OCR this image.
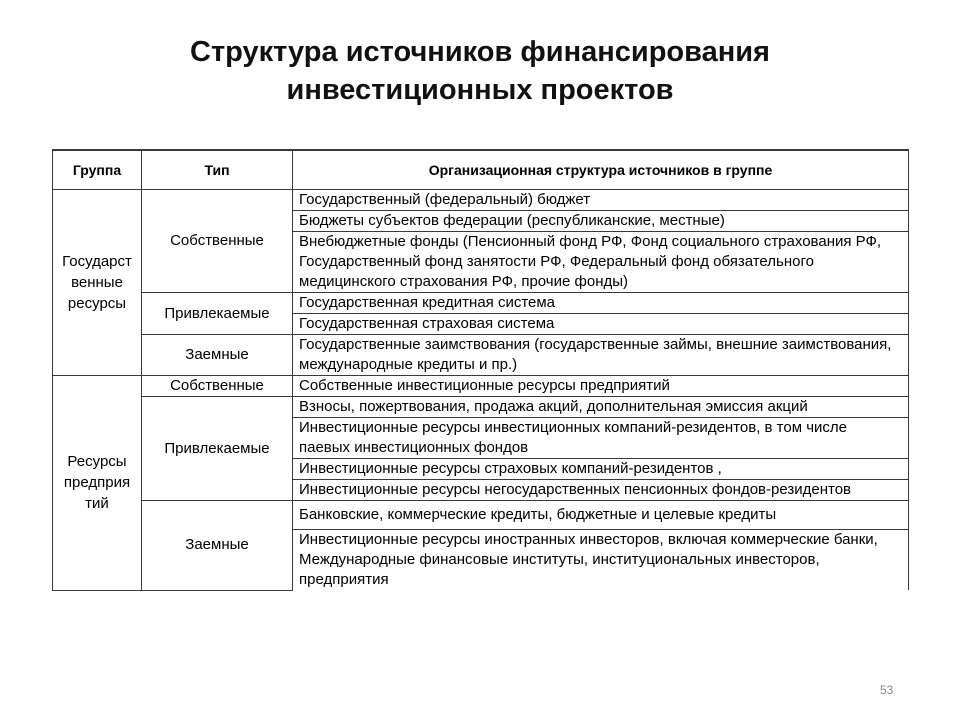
Структура источников финансирования
инвестиционных проектов
Группа	Тип	Организационная структура источников в группе

Государст
венные
ресурсы	Собственные	Государственный (федеральный) бюджет
		Бюджеты субъектов федерации (республиканские, местные)
		Внебюджетные фонды (Пенсионный фонд РФ, Фонд социального страхования РФ, Государственный фонд занятости РФ, Федеральный фонд обязательного медицинского страхования РФ, прочие фонды)
	Привлекаемые	Государственная кредитная система
		Государственная страховая система
	Заемные	Государственные заимствования (государственные займы, внешние заимствования, международные кредиты и пр.)

Ресурсы
предприя
тий	Собственные	Собственные инвестиционные ресурсы предприятий
	Привлекаемые	Взносы, пожертвования, продажа акций, дополнительная эмиссия акций
		Инвестиционные ресурсы инвестиционных компаний-резидентов, в том числе паевых инвестиционных фондов
		Инвестиционные ресурсы страховых компаний-резидентов ,
		Инвестиционные ресурсы негосударственных пенсионных фондов-резидентов
	Заемные	Банковские, коммерческие кредиты, бюджетные и целевые кредиты
		Инвестиционные ресурсы иностранных инвесторов, включая коммерческие банки, Международные финансовые институты, институциональных инвесторов, предприятия

53
